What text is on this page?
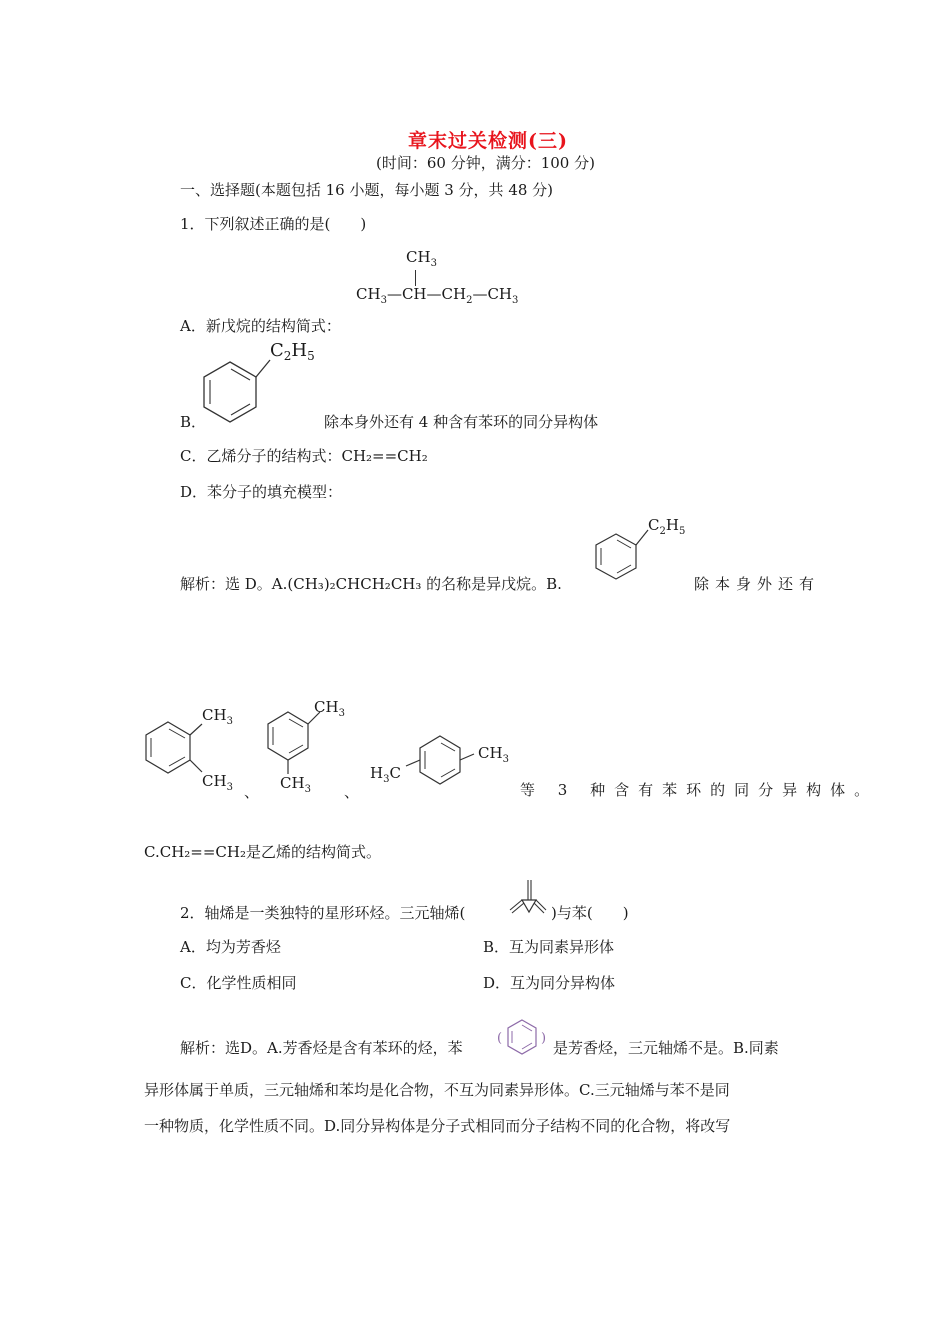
章末过关检测(三)
(时间：60 分钟，满分：100 分)
一、选择题(本题包括 16 小题，每小题 3 分，共 48 分)
1．下列叙述正确的是(　　)
A．新戊烷的结构简式：
$CH_3$
$CH_3—CH—CH_2—CH_3$
$C_2H_5$
B．	除本身外还有 4 种含有苯环的同分异构体
C．乙烯分子的结构式：CH₂==CH₂
D．苯分子的填充模型：
解析：选 D。A.(CH₃)₂CHCH₂CH₃ 的名称是异戊烷。B.
$C_2H_5$
除本身外还有
$CH_3$
$CH_3$ 、
$CH_3$
$CH_3$ 、
$H_3C$
$CH_3$
等 3 种含有苯环的同分异构体。
C.CH₂==CH₂是乙烯的结构简式。
2．轴烯是一类独特的星形环烃。三元轴烯(	)与苯(　　)
A．均为芳香烃	B．互为同素异形体
C．化学性质相同	D．互为同分异构体
解析：选D。A.芳香烃是含有苯环的烃，苯
(	)
是芳香烃，三元轴烯不是。B.同素
异形体属于单质，三元轴烯和苯均是化合物，不互为同素异形体。C.三元轴烯与苯不是同
一种物质，化学性质不同。D.同分异构体是分子式相同而分子结构不同的化合物，将改写
